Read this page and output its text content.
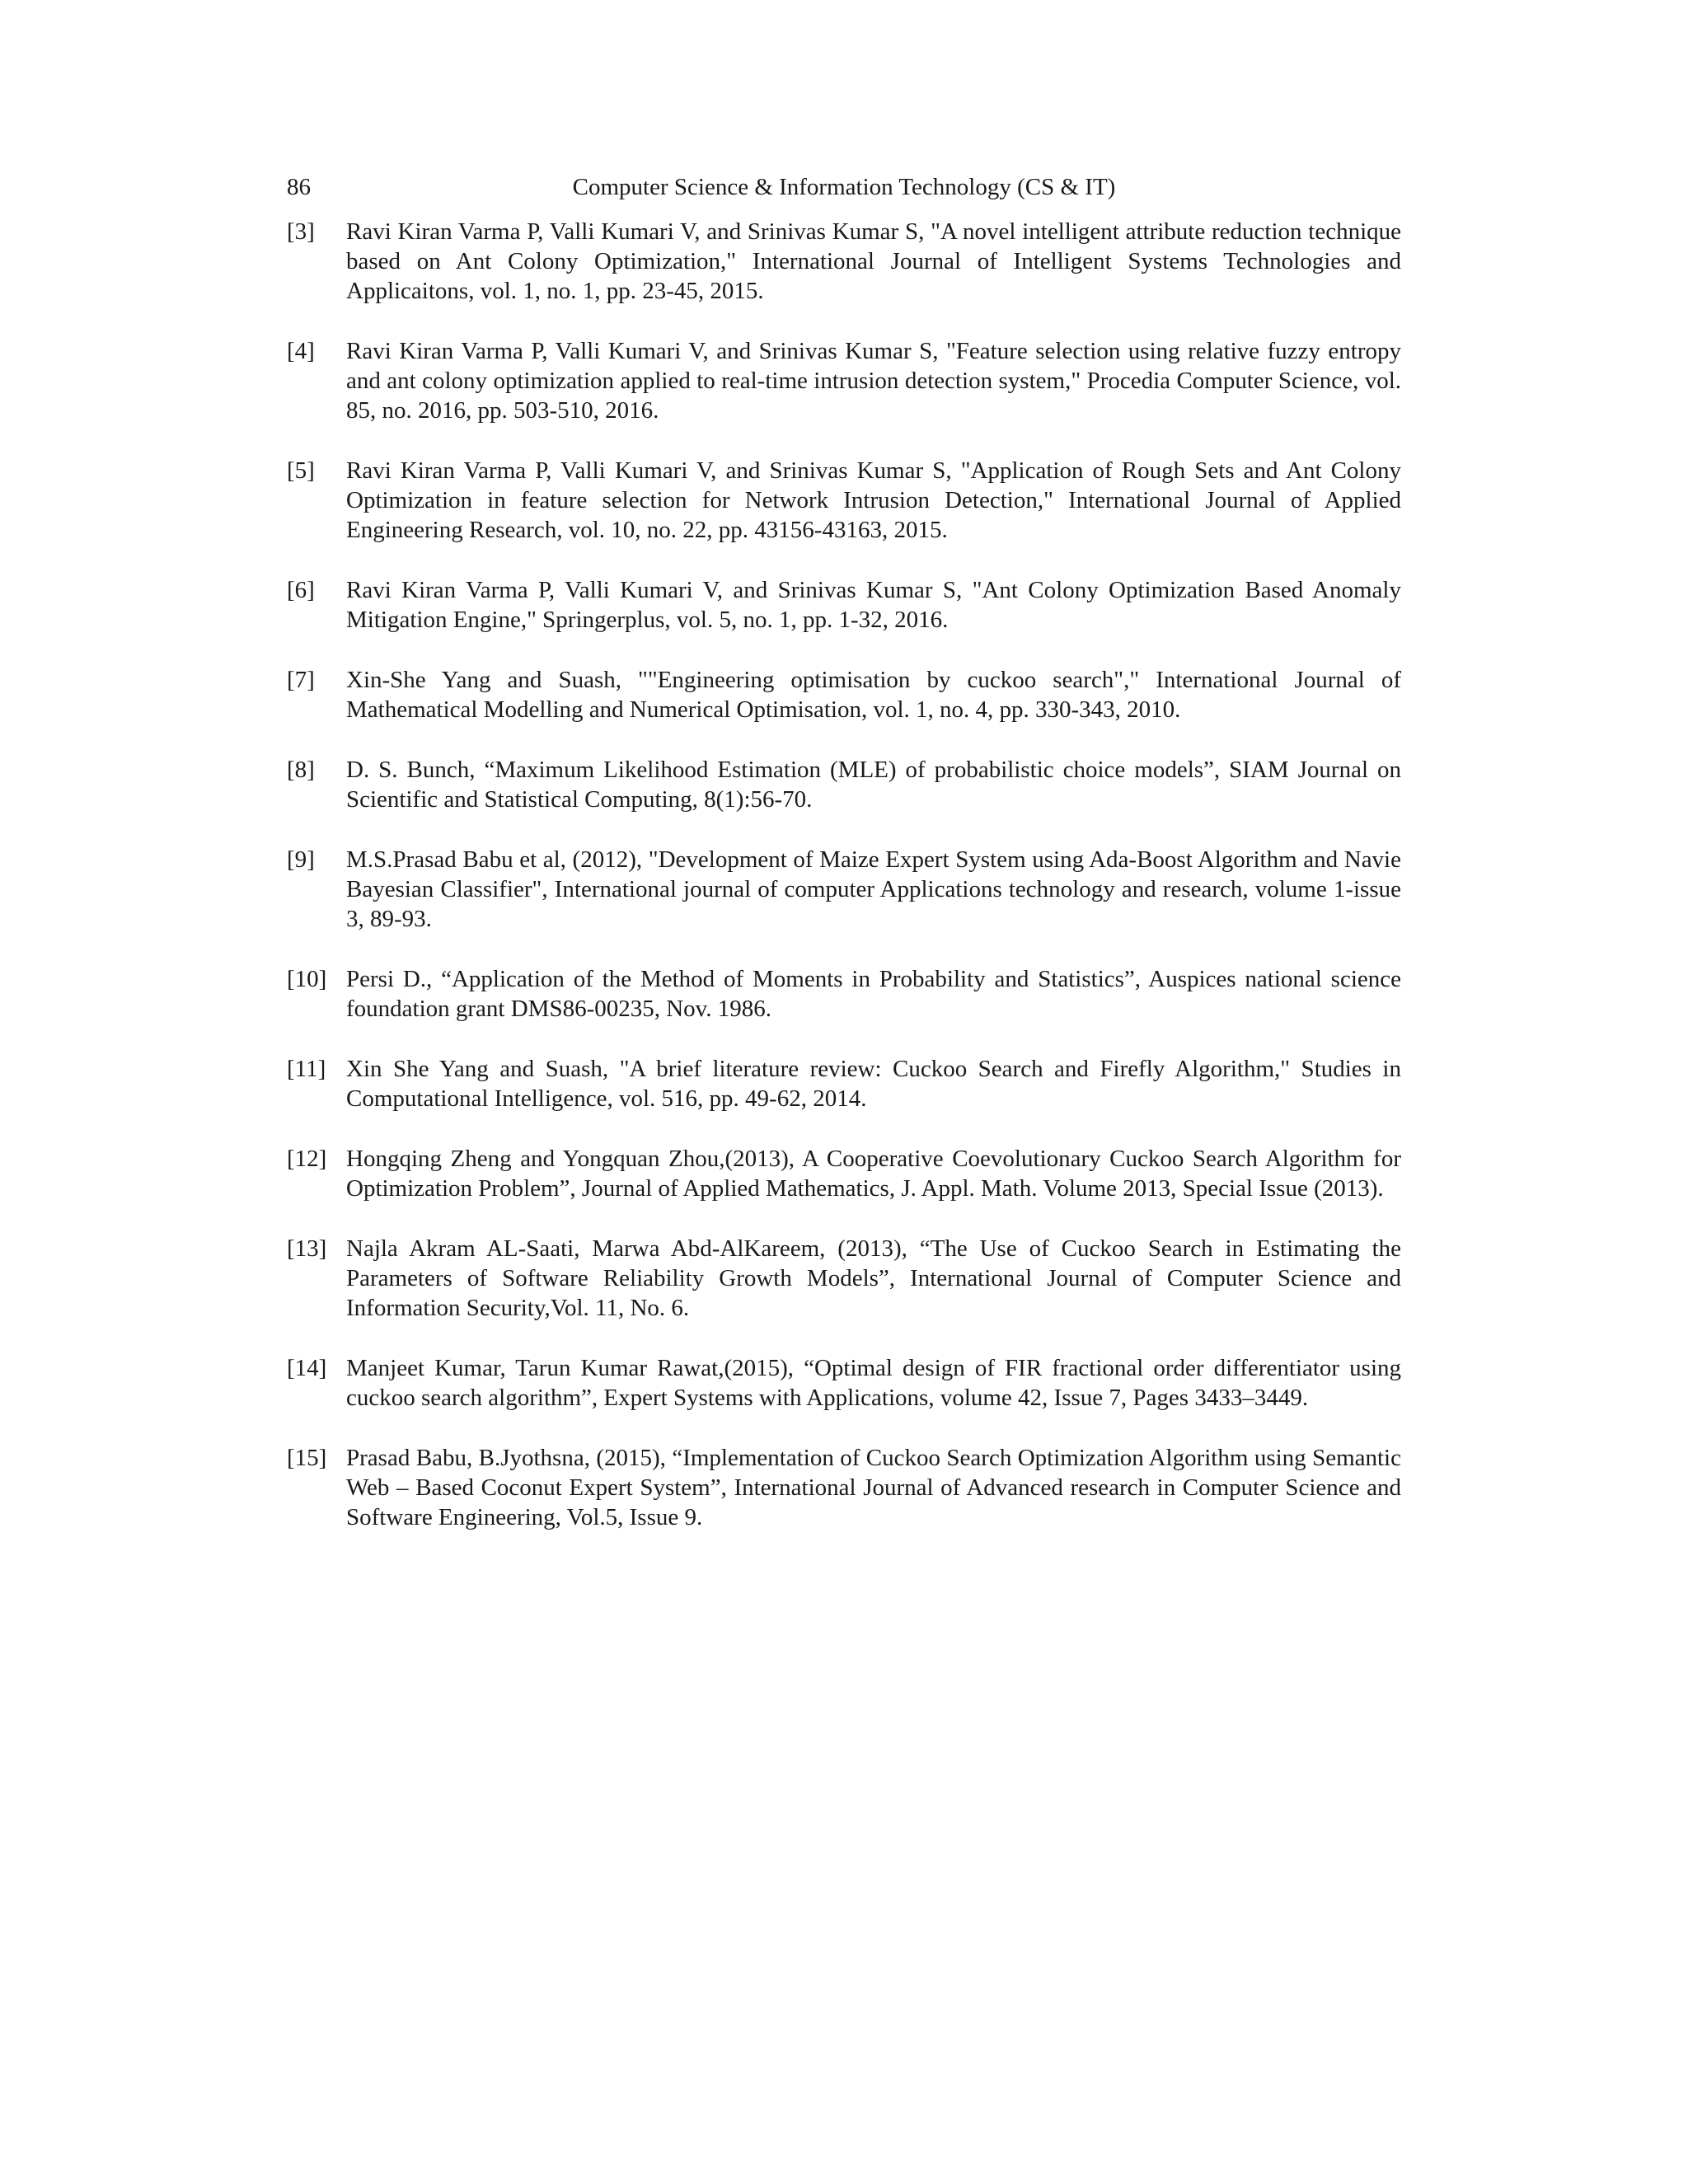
86	Computer Science & Information Technology (CS & IT)
[3] Ravi Kiran Varma P, Valli Kumari V, and Srinivas Kumar S, "A novel intelligent attribute reduction technique based on Ant Colony Optimization," International Journal of Intelligent Systems Technologies and Applicaitons, vol. 1, no. 1, pp. 23-45, 2015.
[4] Ravi Kiran Varma P, Valli Kumari V, and Srinivas Kumar S, "Feature selection using relative fuzzy entropy and ant colony optimization applied to real-time intrusion detection system," Procedia Computer Science, vol. 85, no. 2016, pp. 503-510, 2016.
[5] Ravi Kiran Varma P, Valli Kumari V, and Srinivas Kumar S, "Application of Rough Sets and Ant Colony Optimization in feature selection for Network Intrusion Detection," International Journal of Applied Engineering Research, vol. 10, no. 22, pp. 43156-43163, 2015.
[6] Ravi Kiran Varma P, Valli Kumari V, and Srinivas Kumar S, "Ant Colony Optimization Based Anomaly Mitigation Engine," Springerplus, vol. 5, no. 1, pp. 1-32, 2016.
[7] Xin-She Yang and Suash, ""Engineering optimisation by cuckoo search"," International Journal of Mathematical Modelling and Numerical Optimisation, vol. 1, no. 4, pp. 330-343, 2010.
[8] D. S. Bunch, “Maximum Likelihood Estimation (MLE) of probabilistic choice models”, SIAM Journal on Scientific and Statistical Computing, 8(1):56-70.
[9] M.S.Prasad Babu et al, (2012), "Development of Maize Expert System using Ada-Boost Algorithm and Navie Bayesian Classifier", International journal of computer Applications technology and research, volume 1-issue 3, 89-93.
[10] Persi D., “Application of the Method of Moments in Probability and Statistics”, Auspices national science foundation grant DMS86-00235, Nov. 1986.
[11] Xin She Yang and Suash, "A brief literature review: Cuckoo Search and Firefly Algorithm," Studies in Computational Intelligence, vol. 516, pp. 49-62, 2014.
[12] Hongqing Zheng and Yongquan Zhou,(2013), A Cooperative Coevolutionary Cuckoo Search Algorithm for Optimization Problem”, Journal of Applied Mathematics, J. Appl. Math. Volume 2013, Special Issue (2013).
[13] Najla Akram AL-Saati, Marwa Abd-AlKareem, (2013), “The Use of Cuckoo Search in Estimating the Parameters of Software Reliability Growth Models”, International Journal of Computer Science and Information Security,Vol. 11, No. 6.
[14] Manjeet Kumar, Tarun Kumar Rawat,(2015), “Optimal design of FIR fractional order differentiator using cuckoo search algorithm”, Expert Systems with Applications, volume 42, Issue 7, Pages 3433–3449.
[15] Prasad Babu, B.Jyothsna, (2015), “Implementation of Cuckoo Search Optimization Algorithm using Semantic Web – Based Coconut Expert System”, International Journal of Advanced research in Computer Science and Software Engineering, Vol.5, Issue 9.
